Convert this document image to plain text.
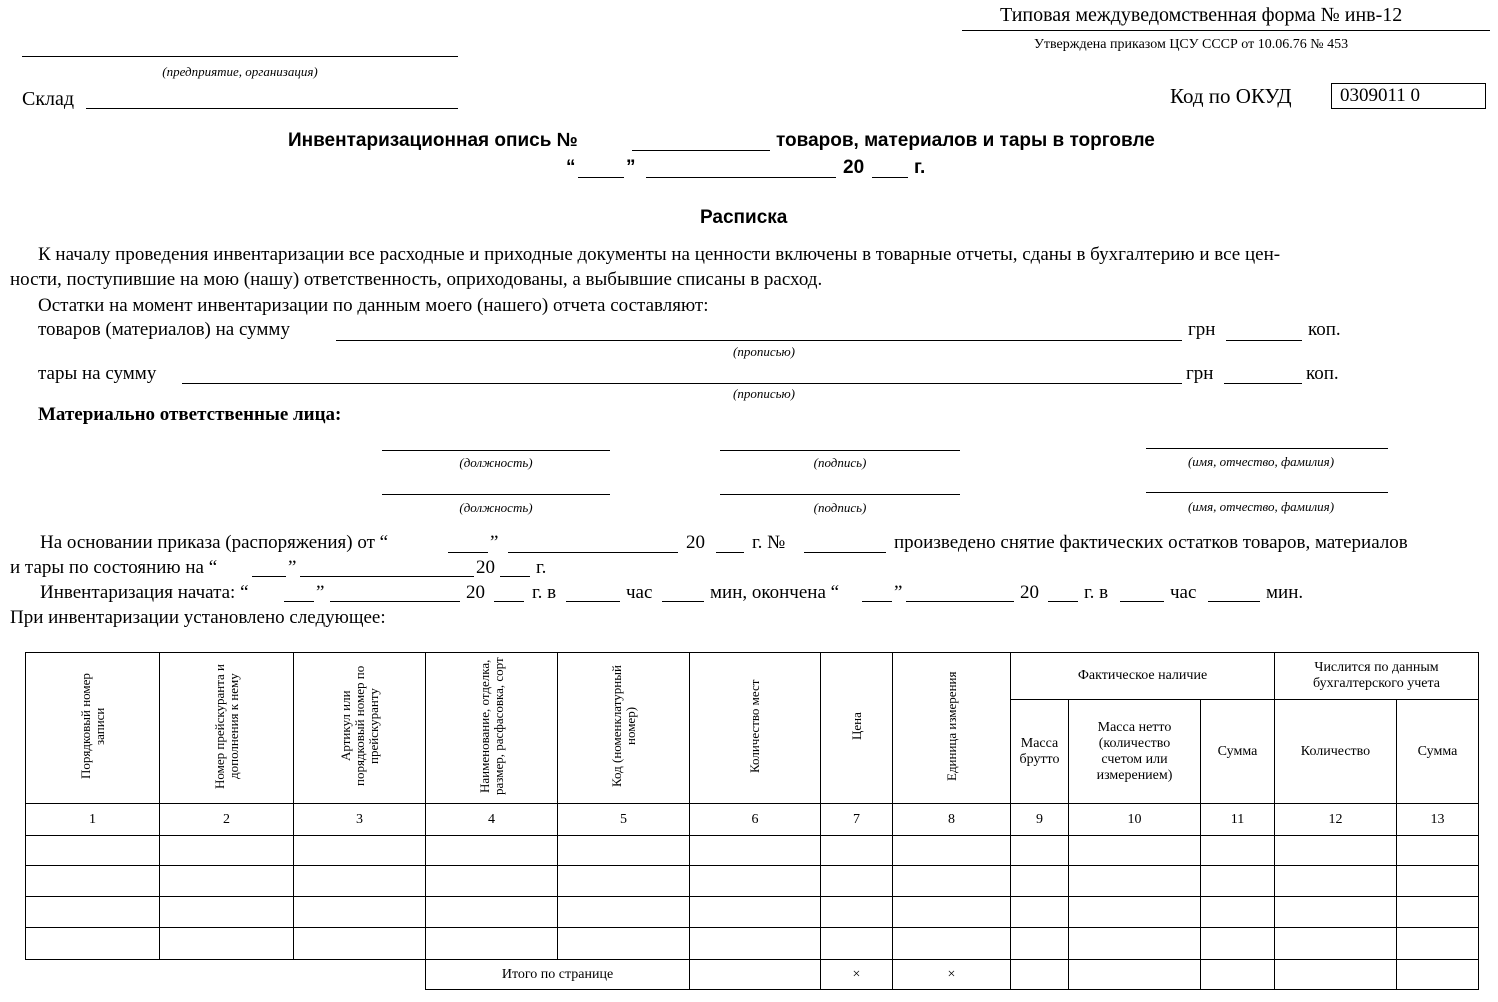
Типовая междуведомственная форма № инв-12
Утверждена приказом ЦСУ СССР от 10.06.76 № 453
(предприятие, организация)
Склад	Код по ОКУД	0309011 0
Инвентаризационная опись №	товаров, материалов и тары в торговле
“	”	20	г.
Расписка
К началу проведения инвентаризации все расходные и приходные документы на ценности включены в товарные отчеты, сданы в бухгалтерию и все цен-
ности, поступившие на мою (нашу) ответственность, оприходованы, а выбывшие списаны в расход.
Остатки на момент инвентаризации по данным моего (нашего) отчета составляют:
товаров (материалов) на сумму	грн	коп.
(прописью)
тары на сумму	грн	коп.
(прописью)
Материально ответственные лица:
(должность)	(подпись)	(имя, отчество, фамилия)
(должность)	(подпись)	(имя, отчество, фамилия)
На основании приказа (распоряжения) от “	”	20 г. №	произведено снятие фактических остатков товаров, материалов
и тары по состоянию на “	”	20 г.
Инвентаризация начата: “	”	20 г. в	час	мин, окончена “	”	20 г. в	час	мин.
При инвентаризации установлено следующее:
Порядковый номер записи	Номер прейскуранта и дополнения к нему	Артикул или порядковый номер по прейскуранту	Наименование, отделка, размер, расфасовка, сорт	Код (номенклатурный номер)	Количество мест	Цена	Единица измерения	Фактическое наличие			Числится по данным бухгалтерского учета	
								Масса брутто	Масса нетто (количество счетом или измерением)	Сумма	Количество	Сумма
1	2	3	4	5	6	7	8	9	10	11	12	13

			Итого по странице			×	×					
